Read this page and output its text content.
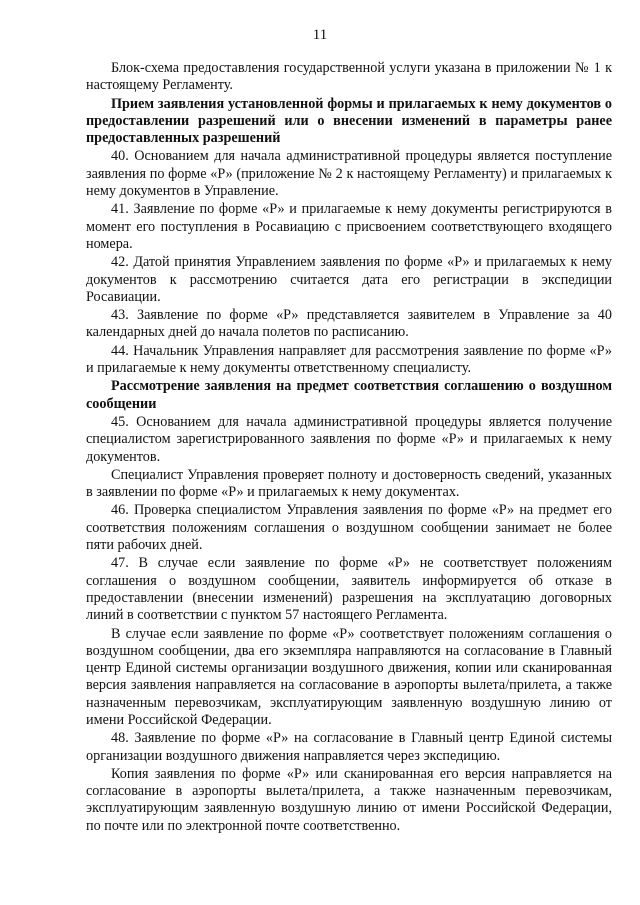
11

Блок-схема предоставления государственной услуги указана в приложении № 1 к настоящему Регламенту.

Прием заявления установленной формы и прилагаемых к нему документов о предоставлении разрешений или о внесении изменений в параметры ранее предоставленных разрешений

40. Основанием для начала административной процедуры является поступление заявления по форме «Р» (приложение № 2 к настоящему Регламенту) и прилагаемых к нему документов в Управление.

41. Заявление по форме «Р» и прилагаемые к нему документы регистрируются в момент его поступления в Росавиацию с присвоением соответствующего входящего номера.

42. Датой принятия Управлением заявления по форме «Р» и прилагаемых к нему документов к рассмотрению считается дата его регистрации в экспедиции Росавиации.

43. Заявление по форме «Р» представляется заявителем в Управление за 40 календарных дней до начала полетов по расписанию.

44. Начальник Управления направляет для рассмотрения заявление по форме «Р» и прилагаемые к нему документы ответственному специалисту.

Рассмотрение заявления на предмет соответствия соглашению о воздушном сообщении

45. Основанием для начала административной процедуры является получение специалистом зарегистрированного заявления по форме «Р» и прилагаемых к нему документов.

Специалист Управления проверяет полноту и достоверность сведений, указанных в заявлении по форме «Р» и прилагаемых к нему документах.

46. Проверка специалистом Управления заявления по форме «Р» на предмет его соответствия положениям соглашения о воздушном сообщении занимает не более пяти рабочих дней.

47. В случае если заявление по форме «Р» не соответствует положениям соглашения о воздушном сообщении, заявитель информируется об отказе в предоставлении (внесении изменений) разрешения на эксплуатацию договорных линий в соответствии с пунктом 57 настоящего Регламента.

В случае если заявление по форме «Р» соответствует положениям соглашения о воздушном сообщении, два его экземпляра направляются на согласование в Главный центр Единой системы организации воздушного движения, копии или сканированная версия заявления направляется на согласование в аэропорты вылета/прилета, а также назначенным перевозчикам, эксплуатирующим заявленную воздушную линию от имени Российской Федерации.

48. Заявление по форме «Р» на согласование в Главный центр Единой системы организации воздушного движения направляется через экспедицию.

Копия заявления по форме «Р» или сканированная его версия направляется на согласование в аэропорты вылета/прилета, а также назначенным перевозчикам, эксплуатирующим заявленную воздушную линию от имени Российской Федерации, по почте или по электронной почте соответственно.
